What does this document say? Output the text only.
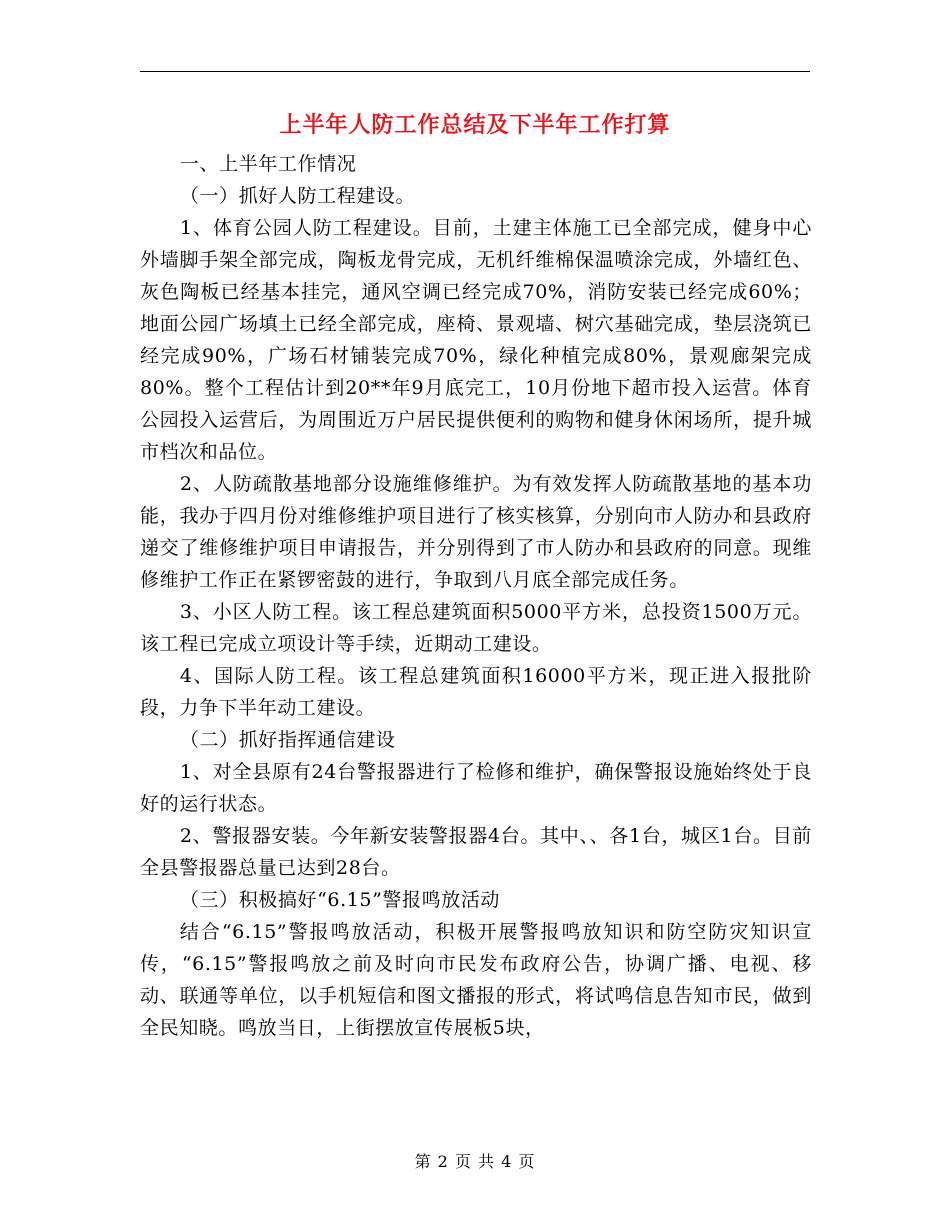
上半年人防工作总结及下半年工作打算

一、上半年工作情况

（一）抓好人防工程建设。

1、体育公园人防工程建设。目前，土建主体施工已全部完成，健身中心外墙脚手架全部完成，陶板龙骨完成，无机纤维棉保温喷涂完成，外墙红色、灰色陶板已经基本挂完，通风空调已经完成70%，消防安装已经完成60%；地面公园广场填土已经全部完成，座椅、景观墙、树穴基础完成，垫层浇筑已经完成90%，广场石材铺装完成70%，绿化种植完成80%，景观廊架完成80%。整个工程估计到20**年9月底完工，10月份地下超市投入运营。体育公园投入运营后，为周围近万户居民提供便利的购物和健身休闲场所，提升城市档次和品位。

2、人防疏散基地部分设施维修维护。为有效发挥人防疏散基地的基本功能，我办于四月份对维修维护项目进行了核实核算，分别向市人防办和县政府递交了维修维护项目申请报告，并分别得到了市人防办和县政府的同意。现维修维护工作正在紧锣密鼓的进行，争取到八月底全部完成任务。

3、小区人防工程。该工程总建筑面积5000平方米，总投资1500万元。该工程已完成立项设计等手续，近期动工建设。

4、国际人防工程。该工程总建筑面积16000平方米，现正进入报批阶段，力争下半年动工建设。

（二）抓好指挥通信建设

1、对全县原有24台警报器进行了检修和维护，确保警报设施始终处于良好的运行状态。

2、警报器安装。今年新安装警报器4台。其中、、各1台，城区1台。目前全县警报器总量已达到28台。

（三）积极搞好“6.15”警报鸣放活动

结合“6.15”警报鸣放活动，积极开展警报鸣放知识和防空防灾知识宣传，“6.15”警报鸣放之前及时向市民发布政府公告，协调广播、电视、移动、联通等单位，以手机短信和图文播报的形式，将试鸣信息告知市民，做到全民知晓。鸣放当日，上街摆放宣传展板5块，

第 2 页 共 4 页
